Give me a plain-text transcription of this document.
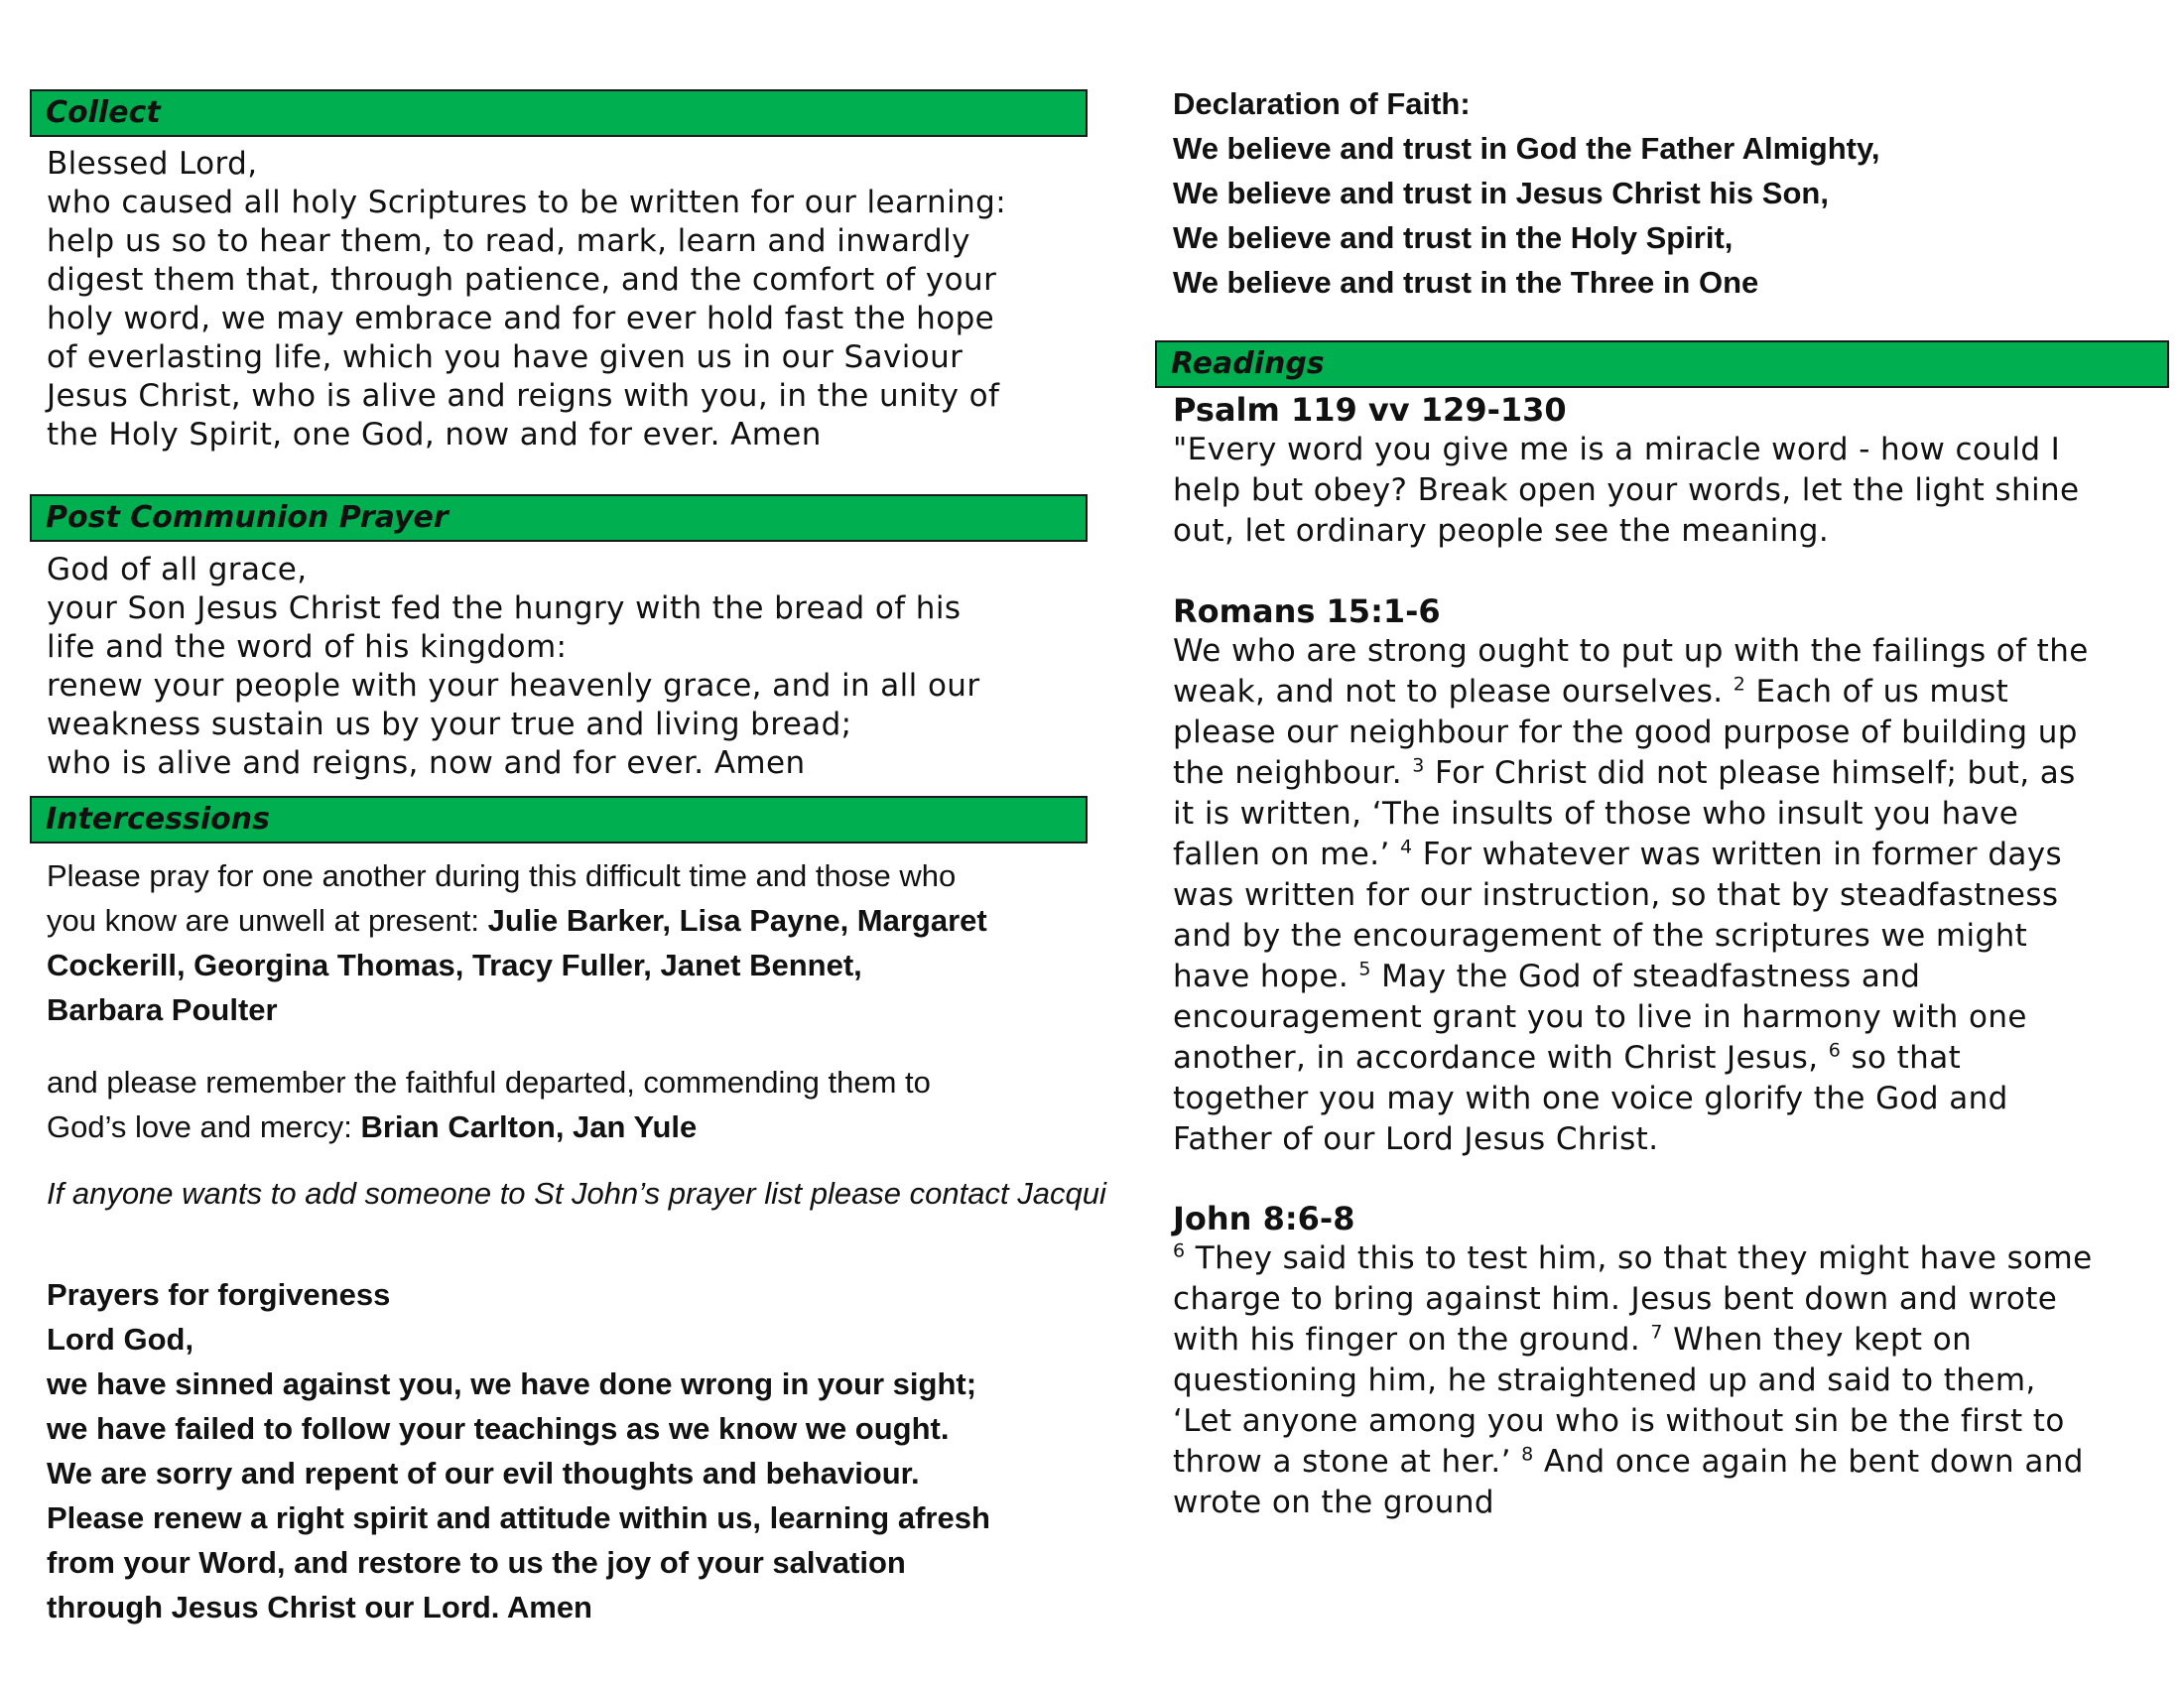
Collect
Blessed Lord,
who caused all holy Scriptures to be written for our learning:
help us so to hear them, to read, mark, learn and inwardly
digest them that, through patience, and the comfort of your
holy word, we may embrace and for ever hold fast the hope
of everlasting life, which you have given us in our Saviour
Jesus Christ, who is alive and reigns with you, in the unity of
the Holy Spirit, one God, now and for ever. Amen
Post Communion Prayer
God of all grace,
your Son Jesus Christ fed the hungry with the bread of his
life and the word of his kingdom:
renew your people with your heavenly grace, and in all our
weakness sustain us by your true and living bread;
who is alive and reigns, now and for ever. Amen
Intercessions
Please pray for one another during this difficult time and those who
you know are unwell at present: Julie Barker, Lisa Payne, Margaret
Cockerill, Georgina Thomas, Tracy Fuller, Janet Bennet,
Barbara Poulter
and please remember the faithful departed, commending them to
God’s love and mercy: Brian Carlton, Jan Yule
If anyone wants to add someone to St John’s prayer list please contact Jacqui
Prayers for forgiveness
Lord God,
we have sinned against you, we have done wrong in your sight;
we have failed to follow your teachings as we know we ought.
We are sorry and repent of our evil thoughts and behaviour.
Please renew a right spirit and attitude within us, learning afresh
from your Word, and restore to us the joy of your salvation
through Jesus Christ our Lord. Amen
Declaration of Faith:
We believe and trust in God the Father Almighty,
We believe and trust in Jesus Christ his Son,
We believe and trust in the Holy Spirit,
We believe and trust in the Three in One
Readings
Psalm 119 vv 129-130
"Every word you give me is a miracle word - how could I
help but obey? Break open your words, let the light shine
out, let ordinary people see the meaning.
Romans 15:1-6
We who are strong ought to put up with the failings of the
weak, and not to please ourselves. $^2$ Each of us must
please our neighbour for the good purpose of building up
the neighbour. $^3$ For Christ did not please himself; but, as
it is written, ‘The insults of those who insult you have
fallen on me.’ $^4$ For whatever was written in former days
was written for our instruction, so that by steadfastness
and by the encouragement of the scriptures we might
have hope. $^5$ May the God of steadfastness and
encouragement grant you to live in harmony with one
another, in accordance with Christ Jesus, $^6$ so that
together you may with one voice glorify the God and
Father of our Lord Jesus Christ.
John 8:6-8
$^6$ They said this to test him, so that they might have some
charge to bring against him. Jesus bent down and wrote
with his finger on the ground. $^7$ When they kept on
questioning him, he straightened up and said to them,
‘Let anyone among you who is without sin be the first to
throw a stone at her.’ $^8$ And once again he bent down and
wrote on the ground
